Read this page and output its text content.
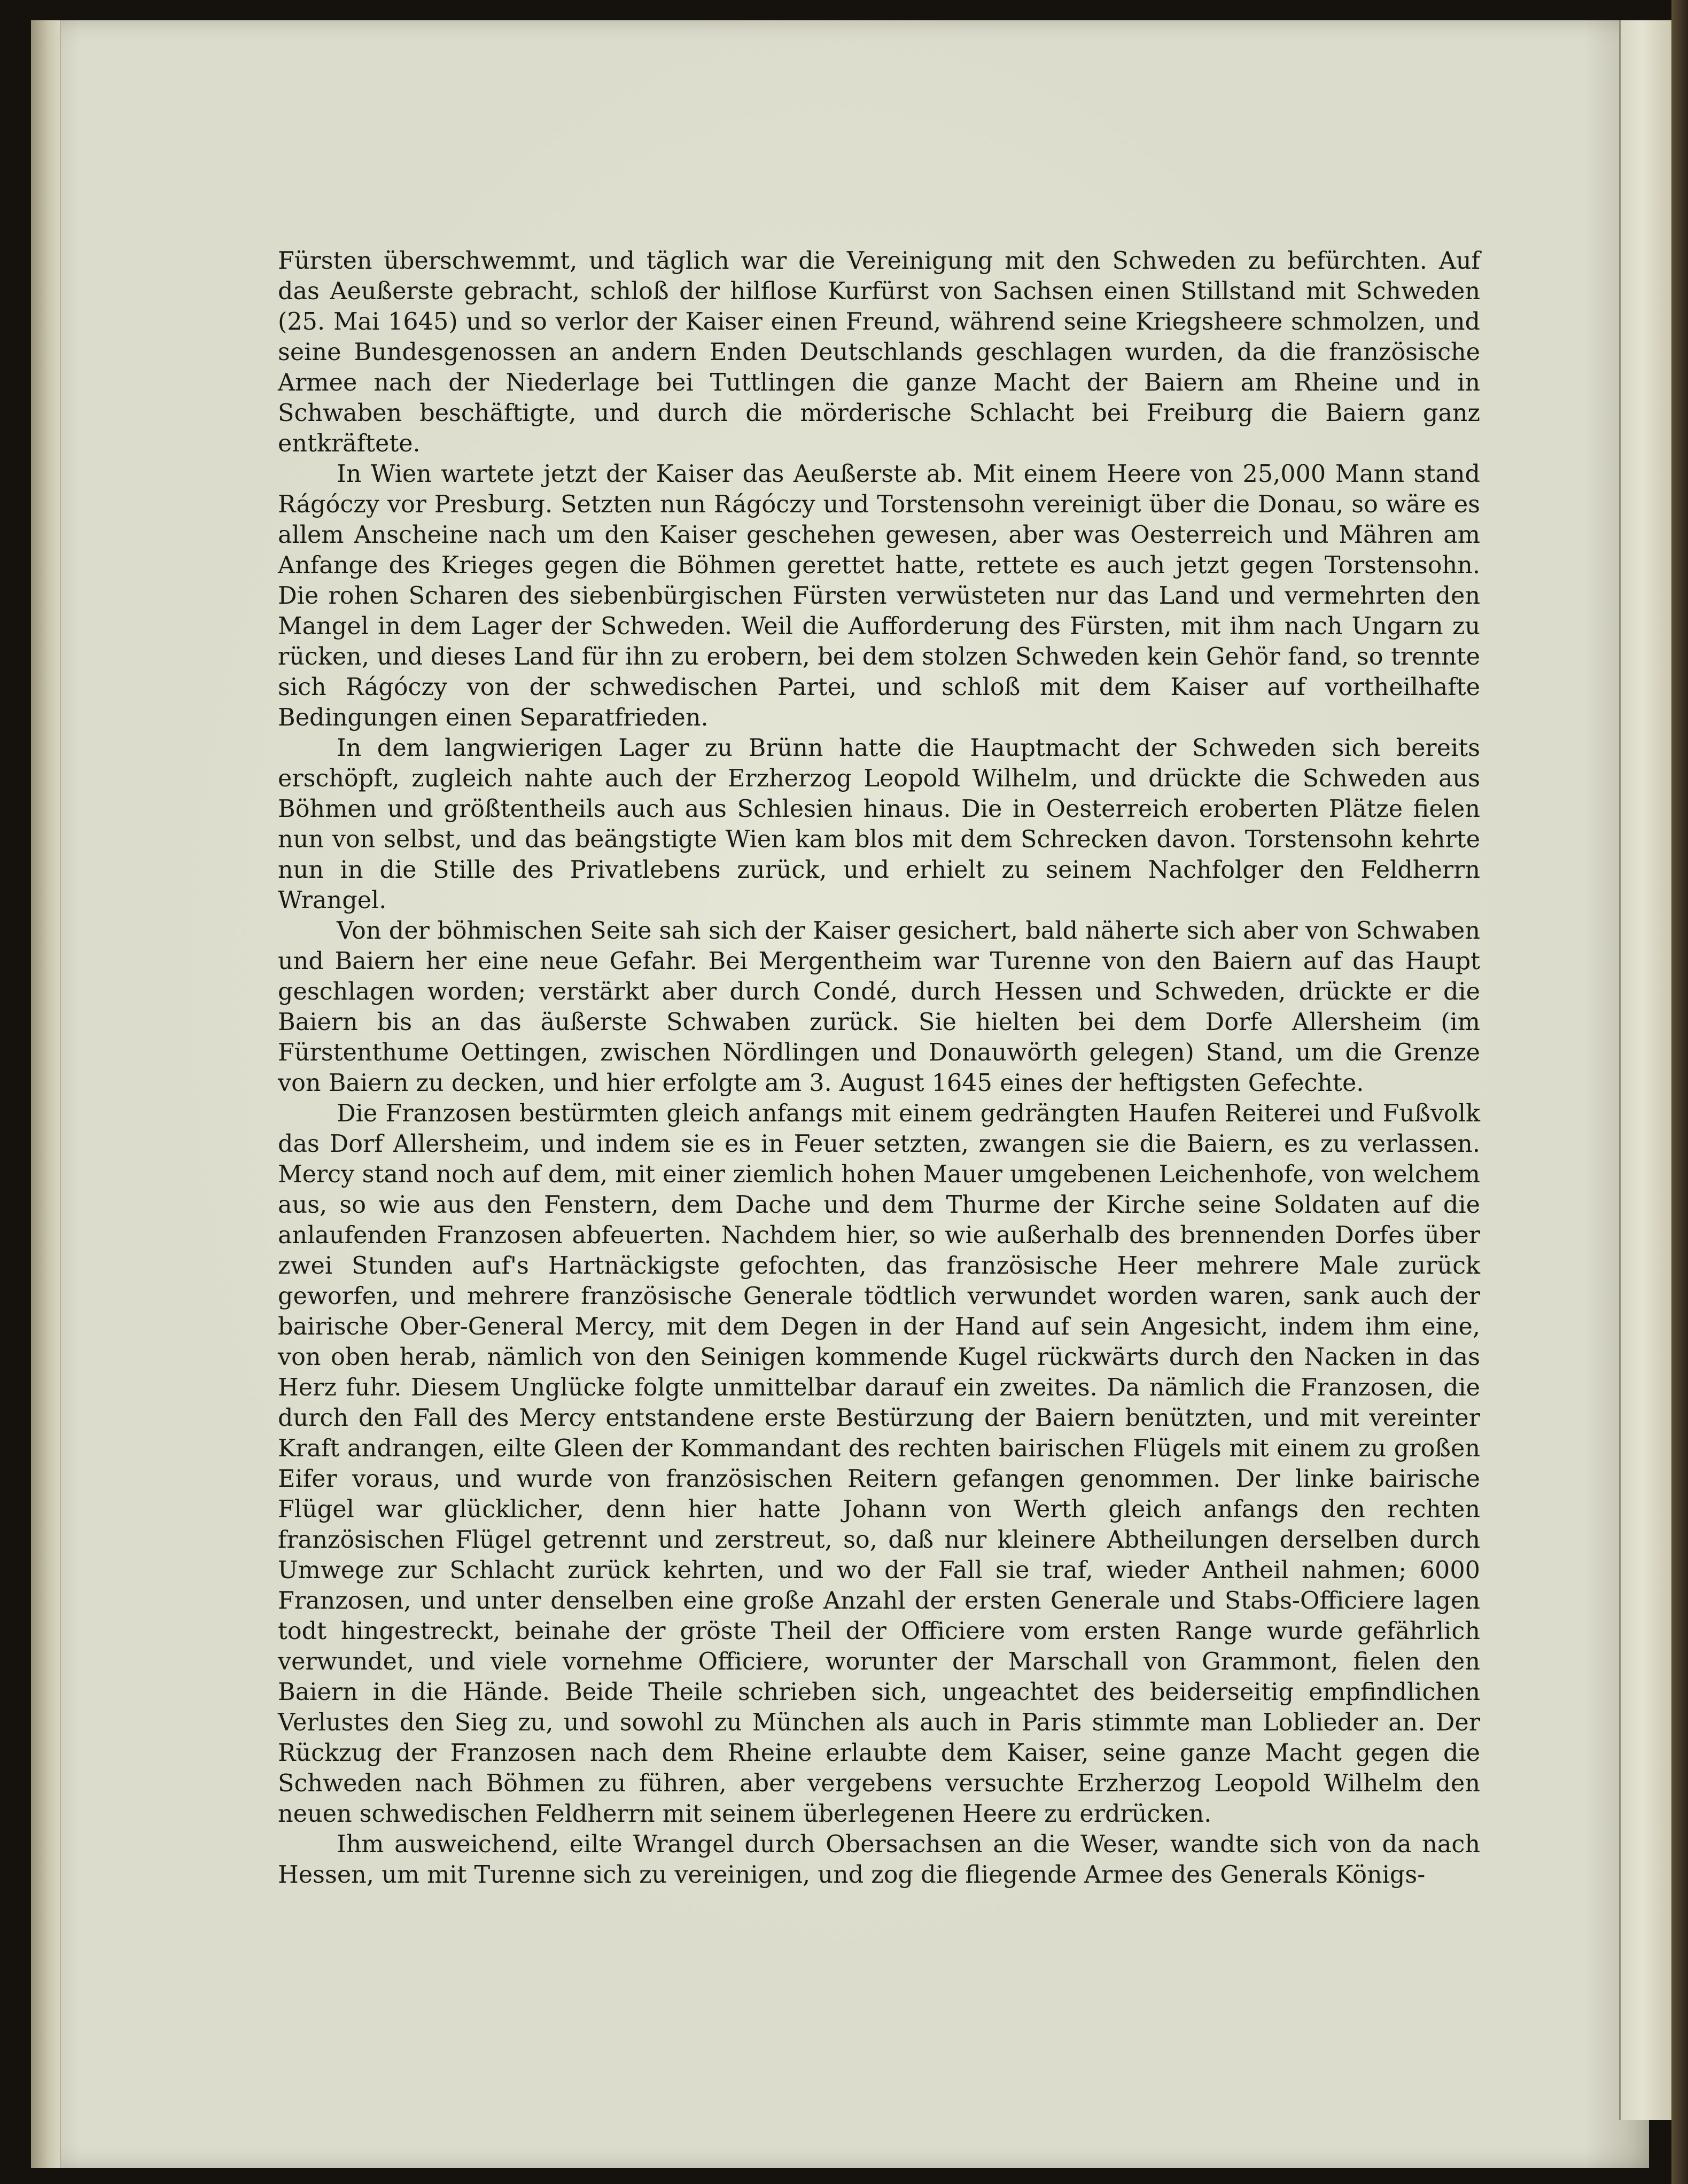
Fürsten überschwemmt, und täglich war die Vereinigung mit den Schweden zu befürchten. Auf das Aeußerste gebracht, schloß der hilflose Kurfürst von Sachsen einen Stillstand mit Schweden (25. Mai 1645) und so verlor der Kaiser einen Freund, während seine Kriegsheere schmolzen, und seine Bundesgenossen an andern Enden Deutschlands geschlagen wurden, da die französische Armee nach der Niederlage bei Tuttlingen die ganze Macht der Baiern am Rheine und in Schwaben beschäftigte, und durch die mörderische Schlacht bei Freiburg die Baiern ganz entkräftete.

In Wien wartete jetzt der Kaiser das Aeußerste ab. Mit einem Heere von 25,000 Mann stand Rágóczy vor Presburg. Setzten nun Rágóczy und Torstensohn vereinigt über die Donau, so wäre es allem Anscheine nach um den Kaiser geschehen gewesen, aber was Oesterreich und Mähren am Anfange des Krieges gegen die Böhmen gerettet hatte, rettete es auch jetzt gegen Torstensohn. Die rohen Scharen des siebenbürgischen Fürsten verwüsteten nur das Land und vermehrten den Mangel in dem Lager der Schweden. Weil die Aufforderung des Fürsten, mit ihm nach Ungarn zu rücken, und dieses Land für ihn zu erobern, bei dem stolzen Schweden kein Gehör fand, so trennte sich Rágóczy von der schwedischen Partei, und schloß mit dem Kaiser auf vortheilhafte Bedingungen einen Separatfrieden.

In dem langwierigen Lager zu Brünn hatte die Hauptmacht der Schweden sich bereits erschöpft, zugleich nahte auch der Erzherzog Leopold Wilhelm, und drückte die Schweden aus Böhmen und größtentheils auch aus Schlesien hinaus. Die in Oesterreich eroberten Plätze fielen nun von selbst, und das beängstigte Wien kam blos mit dem Schrecken davon. Torstensohn kehrte nun in die Stille des Privatlebens zurück, und erhielt zu seinem Nachfolger den Feldherrn Wrangel.

Von der böhmischen Seite sah sich der Kaiser gesichert, bald näherte sich aber von Schwaben und Baiern her eine neue Gefahr. Bei Mergentheim war Turenne von den Baiern auf das Haupt geschlagen worden; verstärkt aber durch Condé, durch Hessen und Schweden, drückte er die Baiern bis an das äußerste Schwaben zurück. Sie hielten bei dem Dorfe Allersheim (im Fürstenthume Oettingen, zwischen Nördlingen und Donauwörth gelegen) Stand, um die Grenze von Baiern zu decken, und hier erfolgte am 3. August 1645 eines der heftigsten Gefechte.

Die Franzosen bestürmten gleich anfangs mit einem gedrängten Haufen Reiterei und Fußvolk das Dorf Allersheim, und indem sie es in Feuer setzten, zwangen sie die Baiern, es zu verlassen. Mercy stand noch auf dem, mit einer ziemlich hohen Mauer umgebenen Leichenhofe, von welchem aus, so wie aus den Fenstern, dem Dache und dem Thurme der Kirche seine Soldaten auf die anlaufenden Franzosen abfeuerten. Nachdem hier, so wie außerhalb des brennenden Dorfes über zwei Stunden auf's Hartnäckigste gefochten, das französische Heer mehrere Male zurück geworfen, und mehrere französische Generale tödtlich verwundet worden waren, sank auch der bairische Ober-General Mercy, mit dem Degen in der Hand auf sein Angesicht, indem ihm eine, von oben herab, nämlich von den Seinigen kommende Kugel rückwärts durch den Nacken in das Herz fuhr. Diesem Unglücke folgte unmittelbar darauf ein zweites. Da nämlich die Franzosen, die durch den Fall des Mercy entstandene erste Bestürzung der Baiern benützten, und mit vereinter Kraft andrangen, eilte Gleen der Kommandant des rechten bairischen Flügels mit einem zu großen Eifer voraus, und wurde von französischen Reitern gefangen genommen. Der linke bairische Flügel war glücklicher, denn hier hatte Johann von Werth gleich anfangs den rechten französischen Flügel getrennt und zerstreut, so, daß nur kleinere Abtheilungen derselben durch Umwege zur Schlacht zurück kehrten, und wo der Fall sie traf, wieder Antheil nahmen; 6000 Franzosen, und unter denselben eine große Anzahl der ersten Generale und Stabs-Officiere lagen todt hingestreckt, beinahe der gröste Theil der Officiere vom ersten Range wurde gefährlich verwundet, und viele vornehme Officiere, worunter der Marschall von Grammont, fielen den Baiern in die Hände. Beide Theile schrieben sich, ungeachtet des beiderseitig empfindlichen Verlustes den Sieg zu, und sowohl zu München als auch in Paris stimmte man Loblieder an. Der Rückzug der Franzosen nach dem Rheine erlaubte dem Kaiser, seine ganze Macht gegen die Schweden nach Böhmen zu führen, aber vergebens versuchte Erzherzog Leopold Wilhelm den neuen schwedischen Feldherrn mit seinem überlegenen Heere zu erdrücken.

Ihm ausweichend, eilte Wrangel durch Obersachsen an die Weser, wandte sich von da nach Hessen, um mit Turenne sich zu vereinigen, und zog die fliegende Armee des Generals Königs-
